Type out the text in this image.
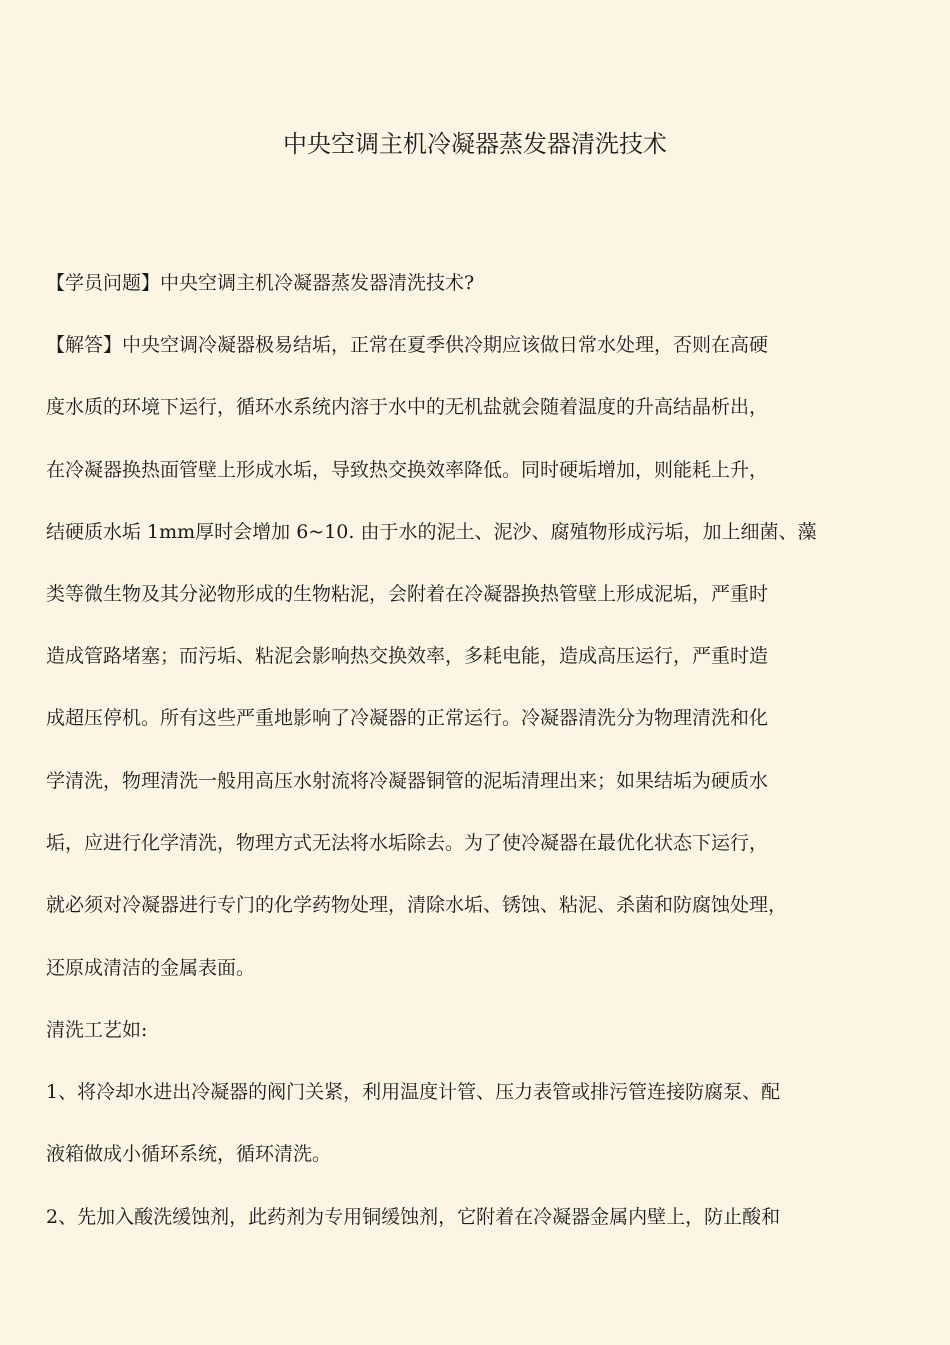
中央空调主机冷凝器蒸发器清洗技术
【学员问题】中央空调主机冷凝器蒸发器清洗技术?
【解答】中央空调冷凝器极易结垢，正常在夏季供冷期应该做日常水处理，否则在高硬
度水质的环境下运行，循环水系统内溶于水中的无机盐就会随着温度的升高结晶析出，
在冷凝器换热面管壁上形成水垢，导致热交换效率降低。同时硬垢增加，则能耗上升，
结硬质水垢 1mm厚时会增加 6~10. 由于水的泥土、泥沙、腐殖物形成污垢，加上细菌、藻
类等微生物及其分泌物形成的生物粘泥，会附着在冷凝器换热管壁上形成泥垢，严重时
造成管路堵塞；而污垢、粘泥会影响热交换效率，多耗电能，造成高压运行，严重时造
成超压停机。所有这些严重地影响了冷凝器的正常运行。冷凝器清洗分为物理清洗和化
学清洗，物理清洗一般用高压水射流将冷凝器铜管的泥垢清理出来；如果结垢为硬质水
垢，应进行化学清洗，物理方式无法将水垢除去。为了使冷凝器在最优化状态下运行，
就必须对冷凝器进行专门的化学药物处理，清除水垢、锈蚀、粘泥、杀菌和防腐蚀处理，
还原成清洁的金属表面。
清洗工艺如:
1、将冷却水进出冷凝器的阀门关紧，利用温度计管、压力表管或排污管连接防腐泵、配
液箱做成小循环系统，循环清洗。
2、先加入酸洗缓蚀剂，此药剂为专用铜缓蚀剂，它附着在冷凝器金属内壁上，防止酸和
